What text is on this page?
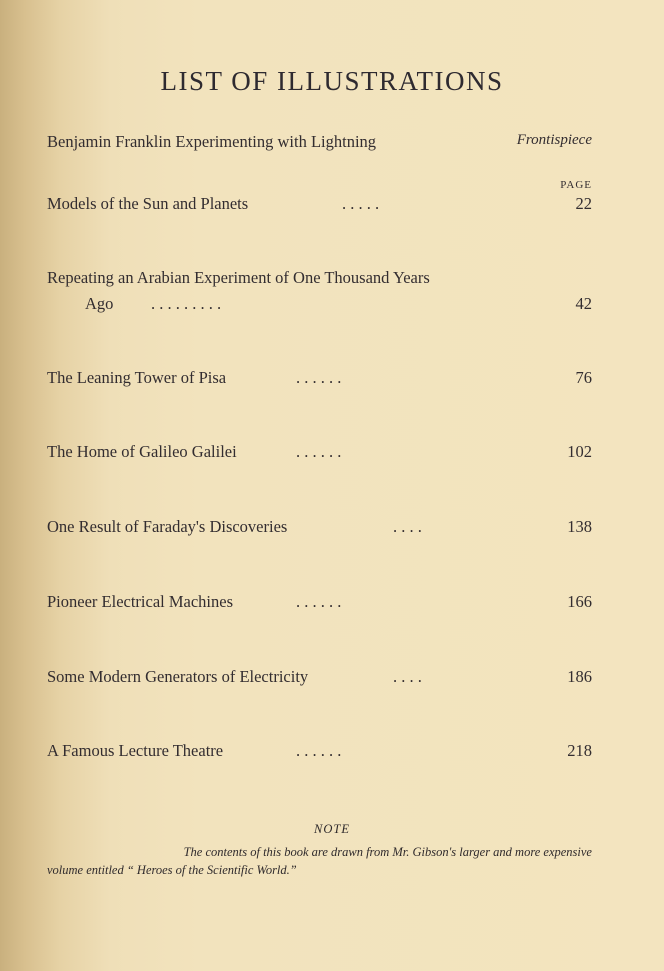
LIST OF ILLUSTRATIONS
Benjamin Franklin Experimenting with Lightning	Frontispiece
PAGE
Models of the Sun and Planets	. . . . .	22
Repeating an Arabian Experiment of One Thousand Years
Ago . . . . . . . . .	42
The Leaning Tower of Pisa	. . . . . .	76
The Home of Galileo Galilei	. . . . . .	102
One Result of Faraday's Discoveries	. . . .	138
Pioneer Electrical Machines	. . . . . .	166
Some Modern Generators of Electricity	. . . .	186
A Famous Lecture Theatre	. . . . . .	218
NOTE
The contents of this book are drawn from Mr. Gibson's larger and more expensive
volume entitled “ Heroes of the Scientific World.”
